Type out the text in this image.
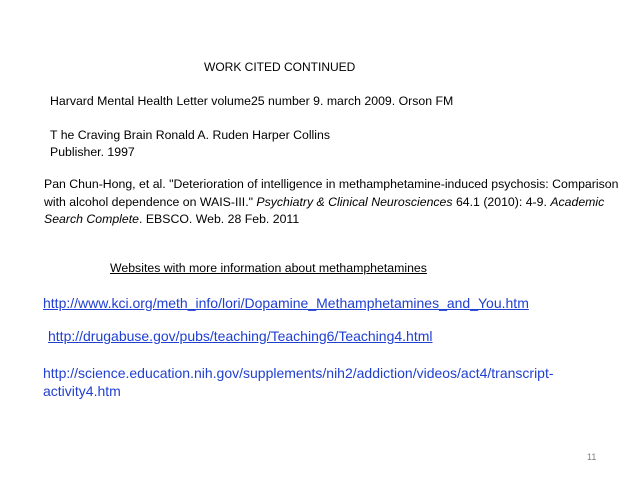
WORK CITED CONTINUED
Harvard Mental Health Letter volume25 number 9. march 2009. Orson FM
T he Craving Brain Ronald A. Ruden Harper Collins
Publisher. 1997
Pan Chun-Hong, et al. "Deterioration of intelligence in methamphetamine-induced psychosis: Comparison with alcohol dependence on WAIS-III." Psychiatry & Clinical Neurosciences 64.1 (2010): 4-9. Academic Search Complete. EBSCO. Web. 28 Feb. 2011
Websites with more information about methamphetamines
http://www.kci.org/meth_info/lori/Dopamine_Methamphetamines_and_You.htm
http://drugabuse.gov/pubs/teaching/Teaching6/Teaching4.html
http://science.education.nih.gov/supplements/nih2/addiction/videos/act4/transcript-activity4.htm
11
